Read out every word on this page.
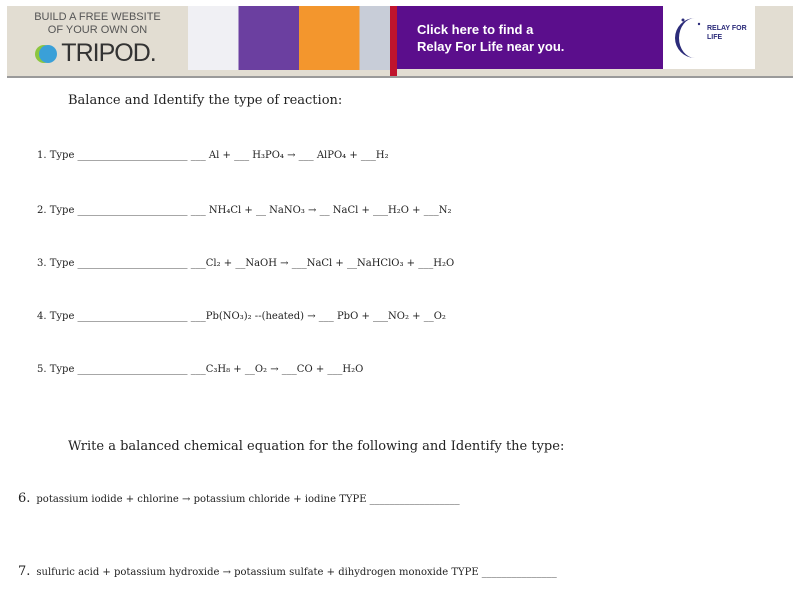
BUILD A FREE WEBSITE
OF YOUR OWN ON
TRIPOD.
Click here to find a
Relay For Life near you.
RELAY FOR LIFE
Balance and Identify the type of reaction:
1. Type ______________________ ___ Al + ___ H₃PO₄ → ___ AlPO₄ + ___H₂
2. Type ______________________ ___ NH₄Cl + __ NaNO₃ → __ NaCl + ___H₂O + ___N₂
3. Type ______________________ ___Cl₂ + __NaOH → ___NaCl + __NaHClO₃ + ___H₂O
4. Type ______________________ ___Pb(NO₃)₂ --(heated) → ___ PbO + ___NO₂ + __O₂
5. Type ______________________ ___C₃H₈ + __O₂ → ___CO + ___H₂O
Write a balanced chemical equation for the following and Identify the type:
6. potassium iodide + chlorine → potassium chloride + iodine TYPE __________________
7. sulfuric acid + potassium hydroxide → potassium sulfate + dihydrogen monoxide TYPE _______________
